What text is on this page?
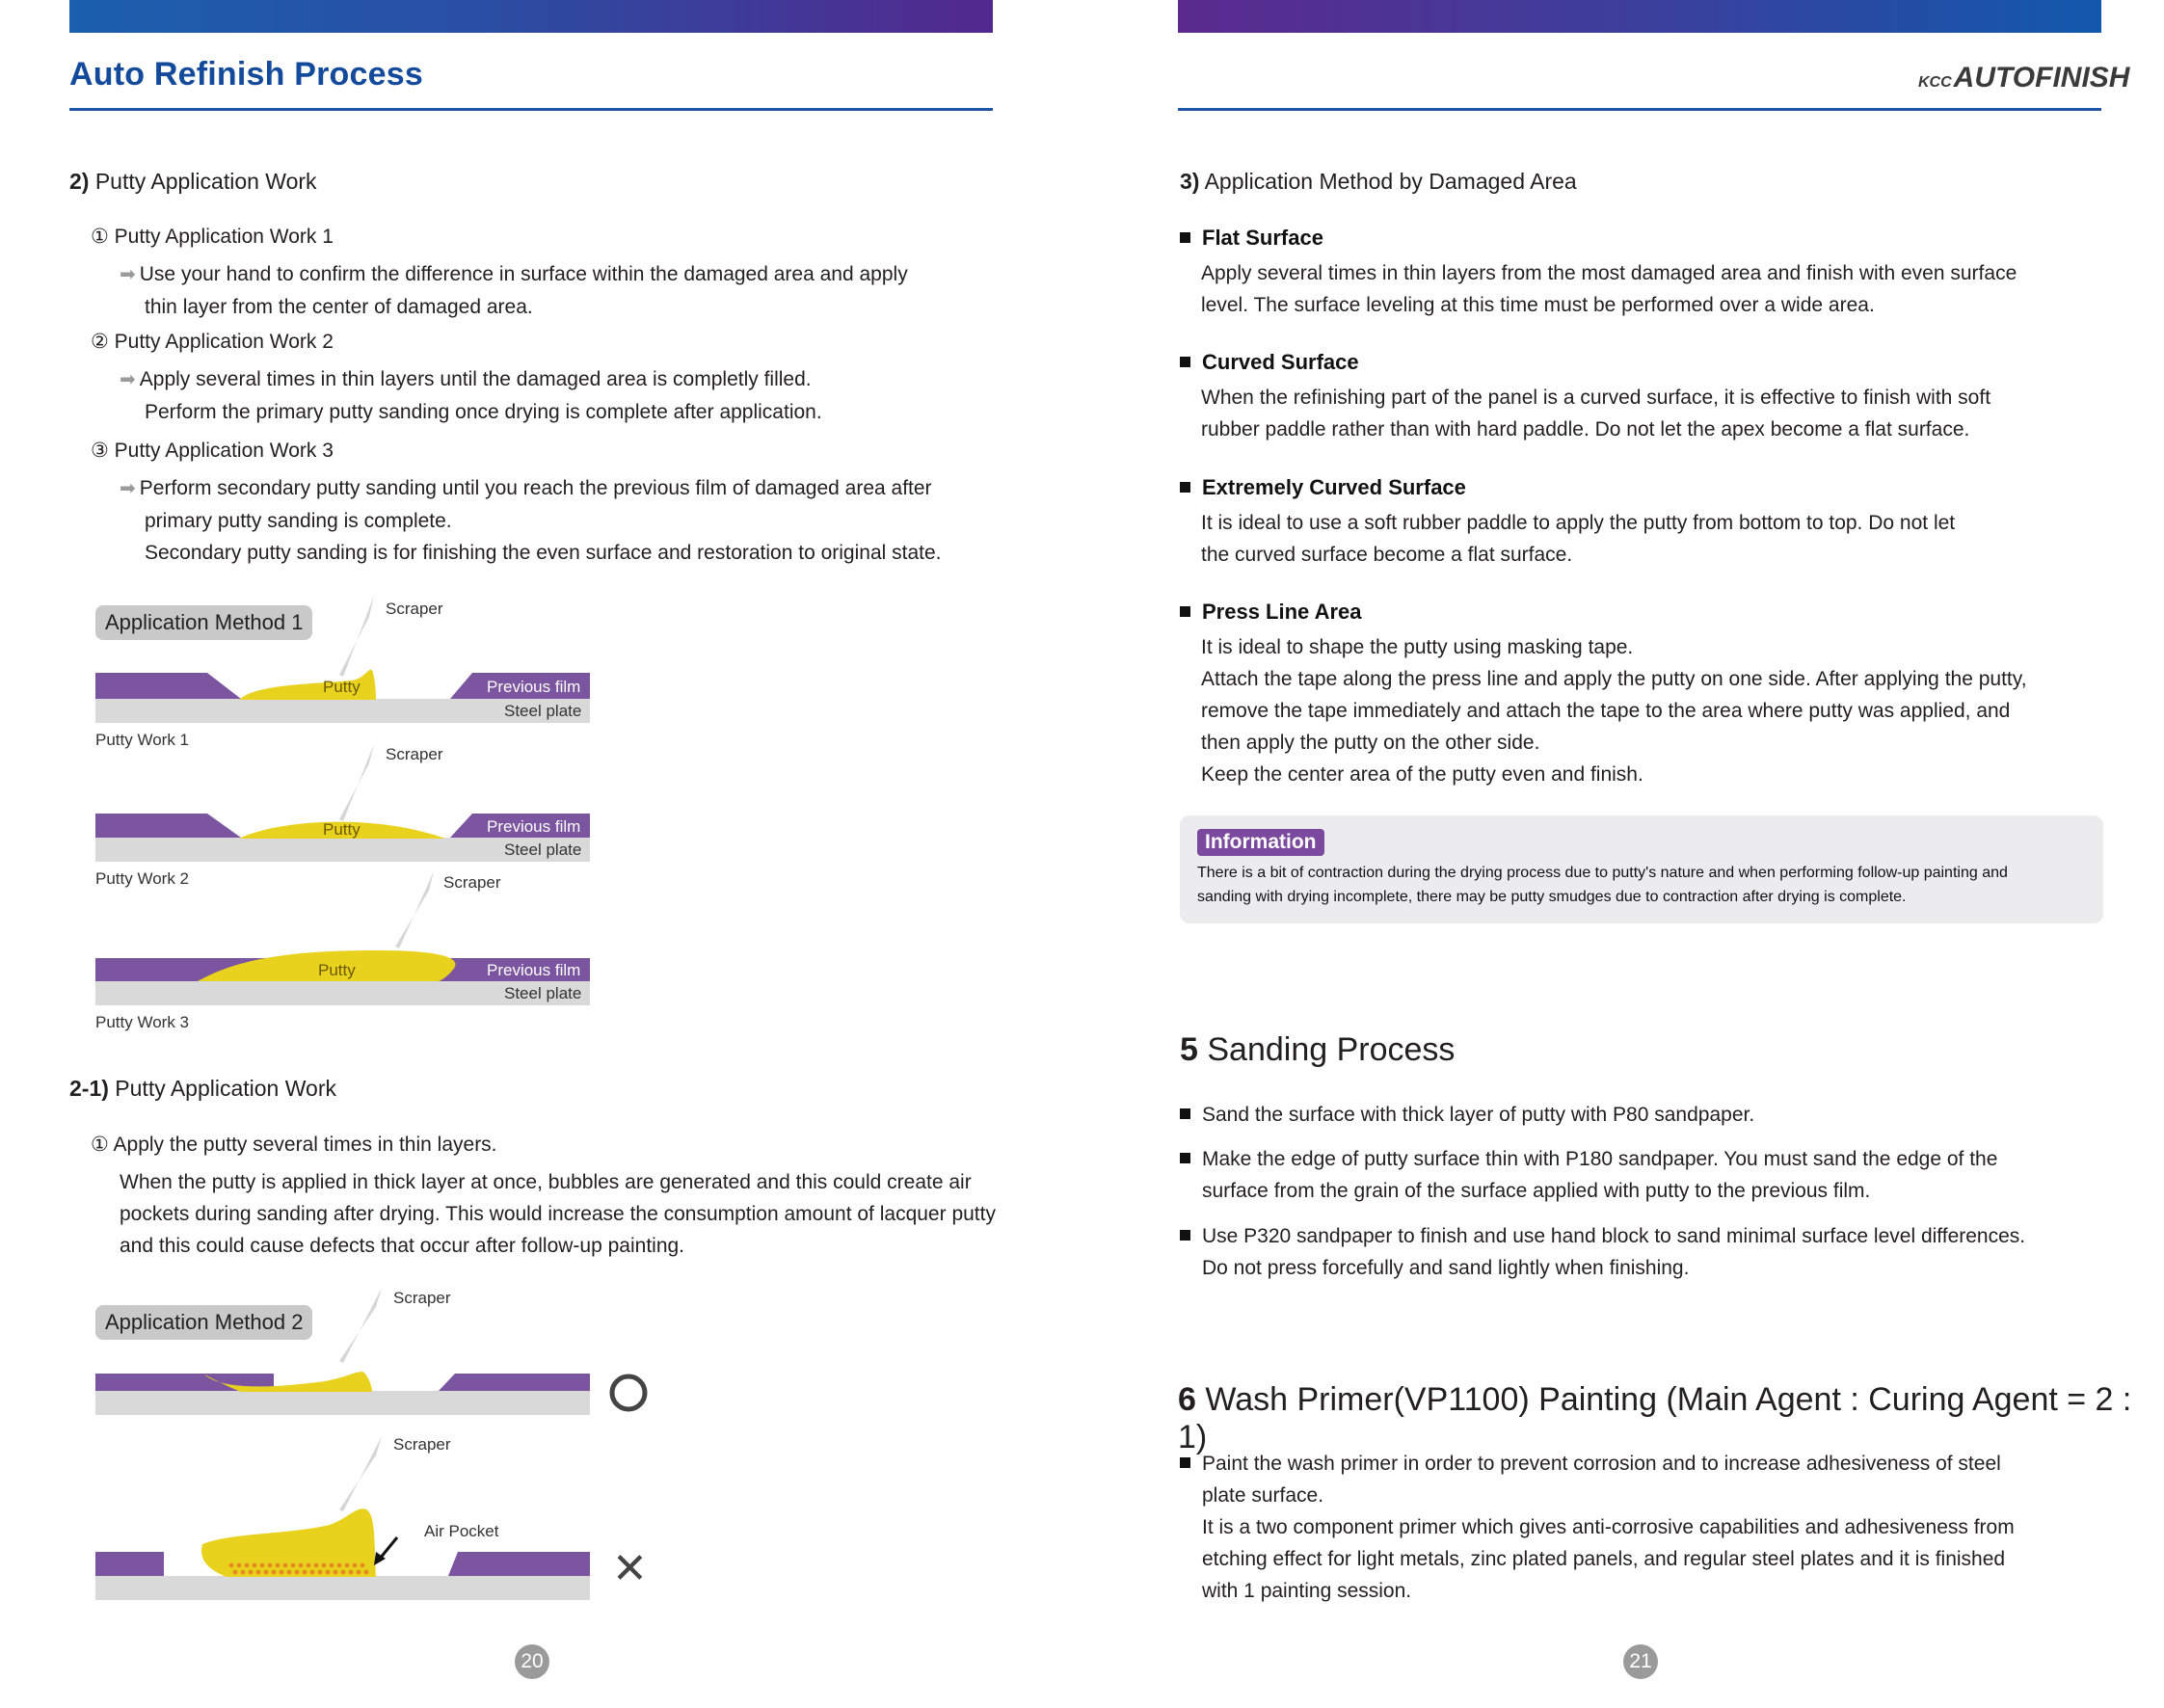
Auto Refinish Process	KCCAUTOFINISH
2) Putty Application Work
① Putty Application Work 1
➡ Use your hand to confirm the difference in surface within the damaged area and apply
thin layer from the center of damaged area.
② Putty Application Work 2
➡ Apply several times in thin layers until the damaged area is completly filled.
Perform the primary putty sanding once drying is complete after application.
③ Putty Application Work 3
➡ Perform secondary putty sanding until you reach the previous film of damaged area after
primary putty sanding is complete.
Secondary putty sanding is for finishing the even surface and restoration to original state.
Application Method 1
Scraper
Putty	Previous film
Steel plate
Putty Work 1
Scraper
Putty	Previous film
Steel plate
Putty Work 2	Scraper
Putty	Previous film
Steel plate
Putty Work 3
2-1) Putty Application Work
① Apply the putty several times in thin layers.
When the putty is applied in thick layer at once, bubbles are generated and this could create air
pockets during sanding after drying. This would increase the consumption amount of lacquer putty
and this could cause defects that occur after follow-up painting.
Application Method 2
Scraper
O
Scraper
Air Pocket
✕
20
3) Application Method by Damaged Area
Flat Surface
Apply several times in thin layers from the most damaged area and finish with even surface
level. The surface leveling at this time must be performed over a wide area.
Curved Surface
When the refinishing part of the panel is a curved surface, it is effective to finish with soft
rubber paddle rather than with hard paddle. Do not let the apex become a flat surface.
Extremely Curved Surface
It is ideal to use a soft rubber paddle to apply the putty from bottom to top. Do not let
the curved surface become a flat surface.
Press Line Area
It is ideal to shape the putty using masking tape.
Attach the tape along the press line and apply the putty on one side. After applying the putty,
remove the tape immediately and attach the tape to the area where putty was applied, and
then apply the putty on the other side.
Keep the center area of the putty even and finish.
Information
There is a bit of contraction during the drying process due to putty's nature and when performing follow-up painting and
sanding with drying incomplete, there may be putty smudges due to contraction after drying is complete.
5 Sanding Process
Sand the surface with thick layer of putty with P80 sandpaper.
Make the edge of putty surface thin with P180 sandpaper. You must sand the edge of the
surface from the grain of the surface applied with putty to the previous film.
Use P320 sandpaper to finish and use hand block to sand minimal surface level differences.
Do not press forcefully and sand lightly when finishing.
6 Wash Primer(VP1100) Painting (Main Agent : Curing Agent = 2 : 1)
Paint the wash primer in order to prevent corrosion and to increase adhesiveness of steel
plate surface.
It is a two component primer which gives anti-corrosive capabilities and adhesiveness from
etching effect for light metals, zinc plated panels, and regular steel plates and it is finished
with 1 painting session.
21
